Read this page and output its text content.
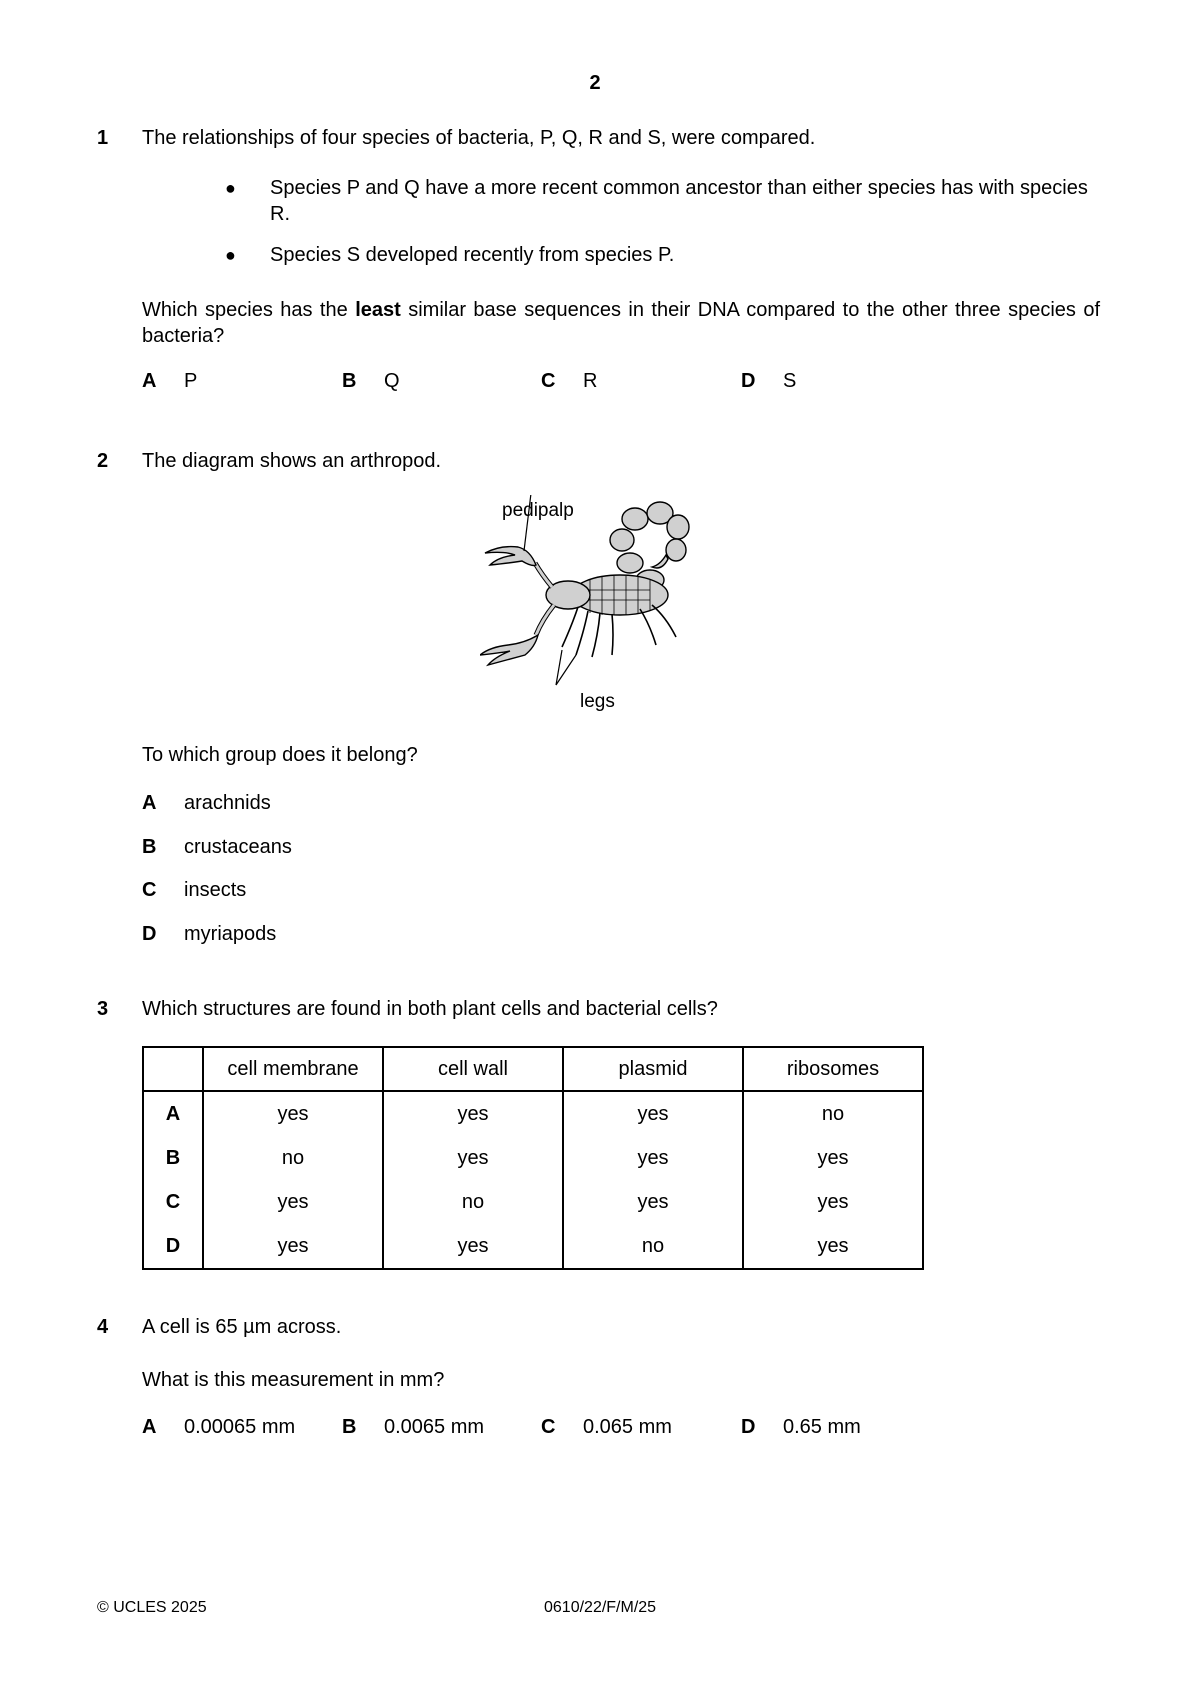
2
1 The relationships of four species of bacteria, P, Q, R and S, were compared.
● Species P and Q have a more recent common ancestor than either species has with species R.
● Species S developed recently from species P.
Which species has the least similar base sequences in their DNA compared to the other three species of bacteria?
A	P	B	Q	C	R	D	S
2 The diagram shows an arthropod.
pedipalp
legs
To which group does it belong?
A	arachnids
B	crustaceans
C	insects
D	myriapods
3 Which structures are found in both plant cells and bacterial cells?
	cell membrane	cell wall	plasmid	ribosomes
A	yes	yes	yes	no
B	no	yes	yes	yes
C	yes	no	yes	yes
D	yes	yes	no	yes
4 A cell is 65 µm across.
What is this measurement in mm?
A	0.00065 mm B	0.0065 mm	C	0.065 mm	D	0.65 mm
© UCLES 2025	0610/22/F/M/25
